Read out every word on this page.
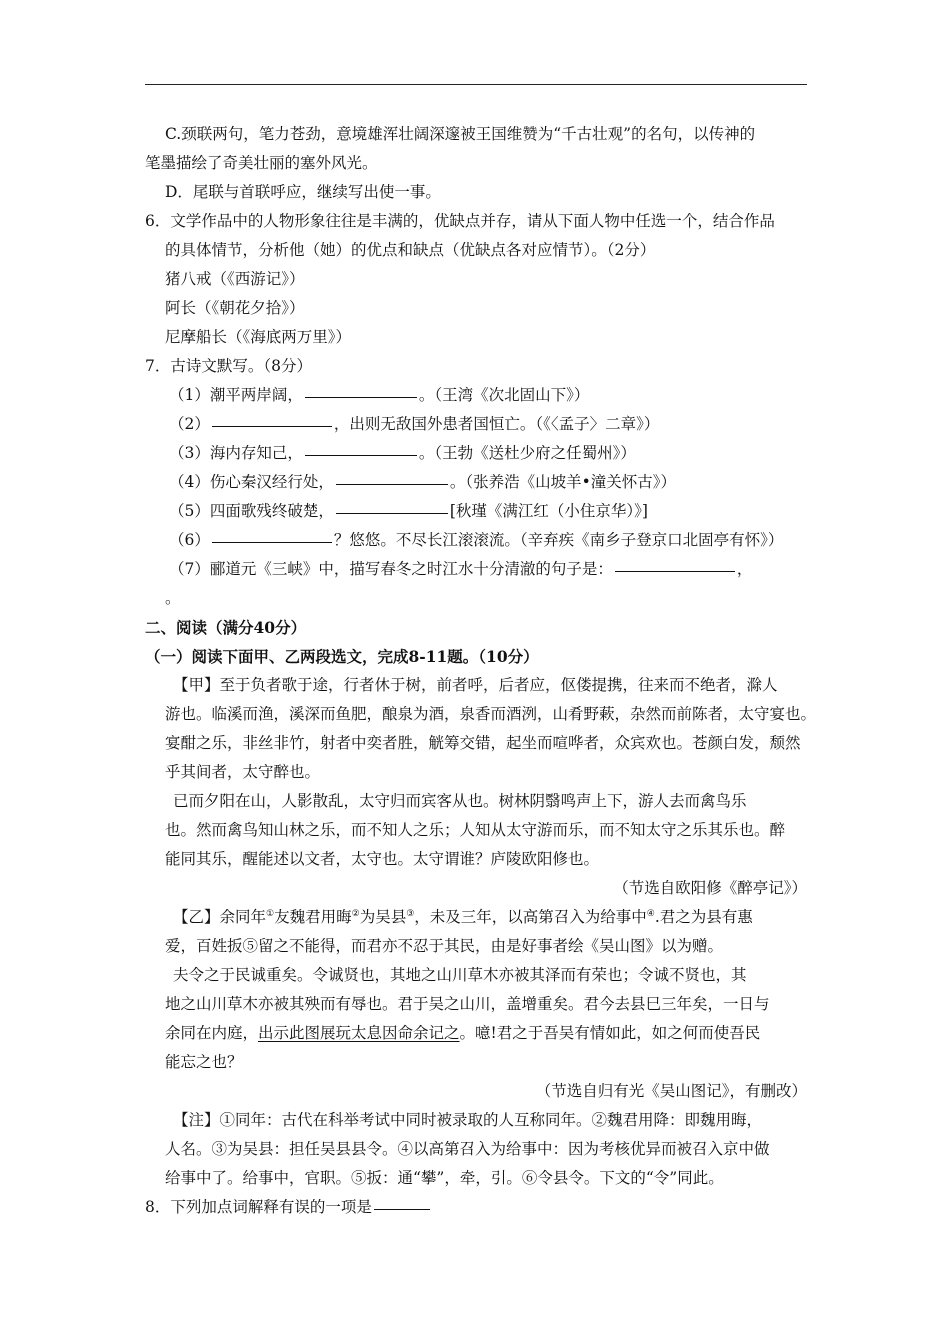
C.颈联两句，笔力苍劲，意境雄浑壮阔深邃被王国维赞为“千古壮观”的名句，以传神的
笔墨描绘了奇美壮丽的塞外风光。
D．尾联与首联呼应，继续写出使一事。
6．文学作品中的人物形象往往是丰满的，优缺点并存，请从下面人物中任选一个，结合作品
的具体情节，分析他（她）的优点和缺点（优缺点各对应情节）。（2分）
猪八戒（《西游记》）
阿长（《朝花夕拾》）
尼摩船长（《海底两万里》）
7．古诗文默写。（8分）
（1）潮平两岸阔，	。（王湾《次北固山下》）
（2）	，出则无敌国外患者国恒亡。（《〈孟子〉二章》）
（3）海内存知己，	。（王勃《送杜少府之任蜀州》）
（4）伤心秦汉经行处，	。（张养浩《山坡羊•潼关怀古》）
（5）四面歌残终破楚，	[秋瑾《满江红（小住京华）》]
（6）	？悠悠。不尽长江滚滚流。（辛弃疾《南乡子登京口北固亭有怀》）
（7）郦道元《三峡》中，描写春冬之时江水十分清澈的句子是：	，
。
二、阅读（满分40分）
（一）阅读下面甲、乙两段选文，完成8-11题。（10分）
【甲】至于负者歌于途，行者休于树，前者呼，后者应，伛偻提携，往来而不绝者，滁人
游也。临溪而渔，溪深而鱼肥，酿泉为酒，泉香而酒洌，山肴野蔌，杂然而前陈者，太守宴也。
宴酣之乐，非丝非竹，射者中奕者胜，觥筹交错，起坐而喧哗者，众宾欢也。苍颜白发，颓然
乎其间者，太守醉也。
已而夕阳在山，人影散乱，太守归而宾客从也。树林阴翳鸣声上下，游人去而禽鸟乐
也。然而禽鸟知山林之乐，而不知人之乐；人知从太守游而乐，而不知太守之乐其乐也。醉
能同其乐，醒能述以文者，太守也。太守谓谁？庐陵欧阳修也。
（节选自欧阳修《醉亭记》）
【乙】余同年①友魏君用晦②为吴县③，未及三年，以高第召入为给事中④.君之为县有惠
爱，百姓扳⑤留之不能得，而君亦不忍于其民，由是好事者绘《吴山图》以为赠。
夫令之于民诚重矣。令诚贤也，其地之山川草木亦被其泽而有荣也；令诚不贤也，其
地之山川草木亦被其殃而有辱也。君于吴之山川，盖增重矣。君今去县巳三年矣，一日与
余同在内庭，出示此图展玩太息因命余记之。噫!君之于吾吴有情如此，如之何而使吾民
能忘之也？
（节选自归有光《吴山图记》，有删改）
【注】①同年：古代在科举考试中同时被录取的人互称同年。②魏君用降：即魏用晦，
人名。③为吴县：担任吴县县令。④以高第召入为给事中：因为考核优异而被召入京中做
给事中了。给事中，官职。⑤扳：通“攀”，牵，引。⑥令县令。下文的“令”同此。
8．下列加点词解释有误的一项是
